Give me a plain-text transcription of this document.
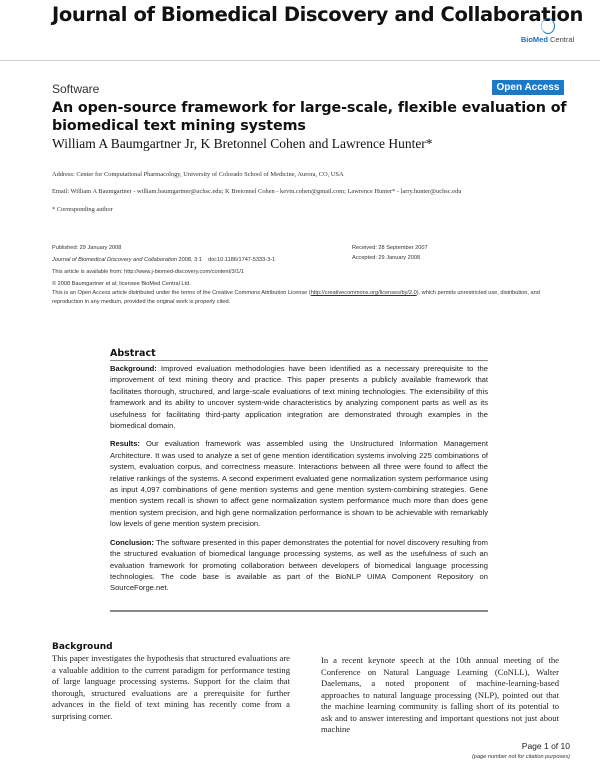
Journal of Biomedical Discovery and Collaboration
BioMed Central
Software	Open Access
An open-source framework for large-scale, flexible evaluation of biomedical text mining systems
William A Baumgartner Jr, K Bretonnel Cohen and Lawrence Hunter*
Address: Center for Computational Pharmacology, University of Colorado School of Medicine, Aurora, CO, USA
Email: William A Baumgartner - william.baumgartner@uchsc.edu; K Bretonnel Cohen - kevin.cohen@gmail.com; Lawrence Hunter* - larry.hunter@uchsc.edu
* Corresponding author
Published: 29 January 2008
Journal of Biomedical Discovery and Collaboration 2008, 3:1    doi:10.1186/1747-5333-3-1
This article is available from: http://www.j-biomed-discovery.com/content/3/1/1
© 2008 Baumgartner et al; licensee BioMed Central Ltd.
This is an Open Access article distributed under the terms of the Creative Commons Attribution License (http://creativecommons.org/licenses/by/2.0), which permits unrestricted use, distribution, and reproduction in any medium, provided the original work is properly cited.
Received: 28 September 2007
Accepted: 29 January 2008
Abstract

Background: Improved evaluation methodologies have been identified as a necessary prerequisite to the improvement of text mining theory and practice. This paper presents a publicly available framework that facilitates thorough, structured, and large-scale evaluations of text mining technologies. The extensibility of this framework and its ability to uncover system-wide characteristics by analyzing component parts as well as its usefulness for facilitating third-party application integration are demonstrated through examples in the biomedical domain.

Results: Our evaluation framework was assembled using the Unstructured Information Management Architecture. It was used to analyze a set of gene mention identification systems involving 225 combinations of system, evaluation corpus, and correctness measure. Interactions between all three were found to affect the relative rankings of the systems. A second experiment evaluated gene normalization system performance using as input 4,097 combinations of gene mention systems and gene mention system-combining strategies. Gene mention system recall is shown to affect gene normalization system performance much more than does gene mention system precision, and high gene normalization performance is shown to be achievable with remarkably low levels of gene mention system precision.

Conclusion: The software presented in this paper demonstrates the potential for novel discovery resulting from the structured evaluation of biomedical language processing systems, as well as the usefulness of such an evaluation framework for promoting collaboration between developers of biomedical language processing technologies. The code base is available as part of the BioNLP UIMA Component Repository on SourceForge.net.

Background
This paper investigates the hypothesis that structured evaluations are a valuable addition to the current paradigm for performance testing of large language processing systems. Support for the claim that thorough, structured evaluations are a prerequisite for further advances in the field of text mining has recently come from a surprising corner.
In a recent keynote speech at the 10th annual meeting of the Conference on Natural Language Learning (CoNLL), Walter Daelemans, a noted proponent of machine-learning-based approaches to natural language processing (NLP), pointed out that the machine learning community is falling short of its potential to ask and to answer interesting and important questions not just about machine
Page 1 of 10
(page number not for citation purposes)
